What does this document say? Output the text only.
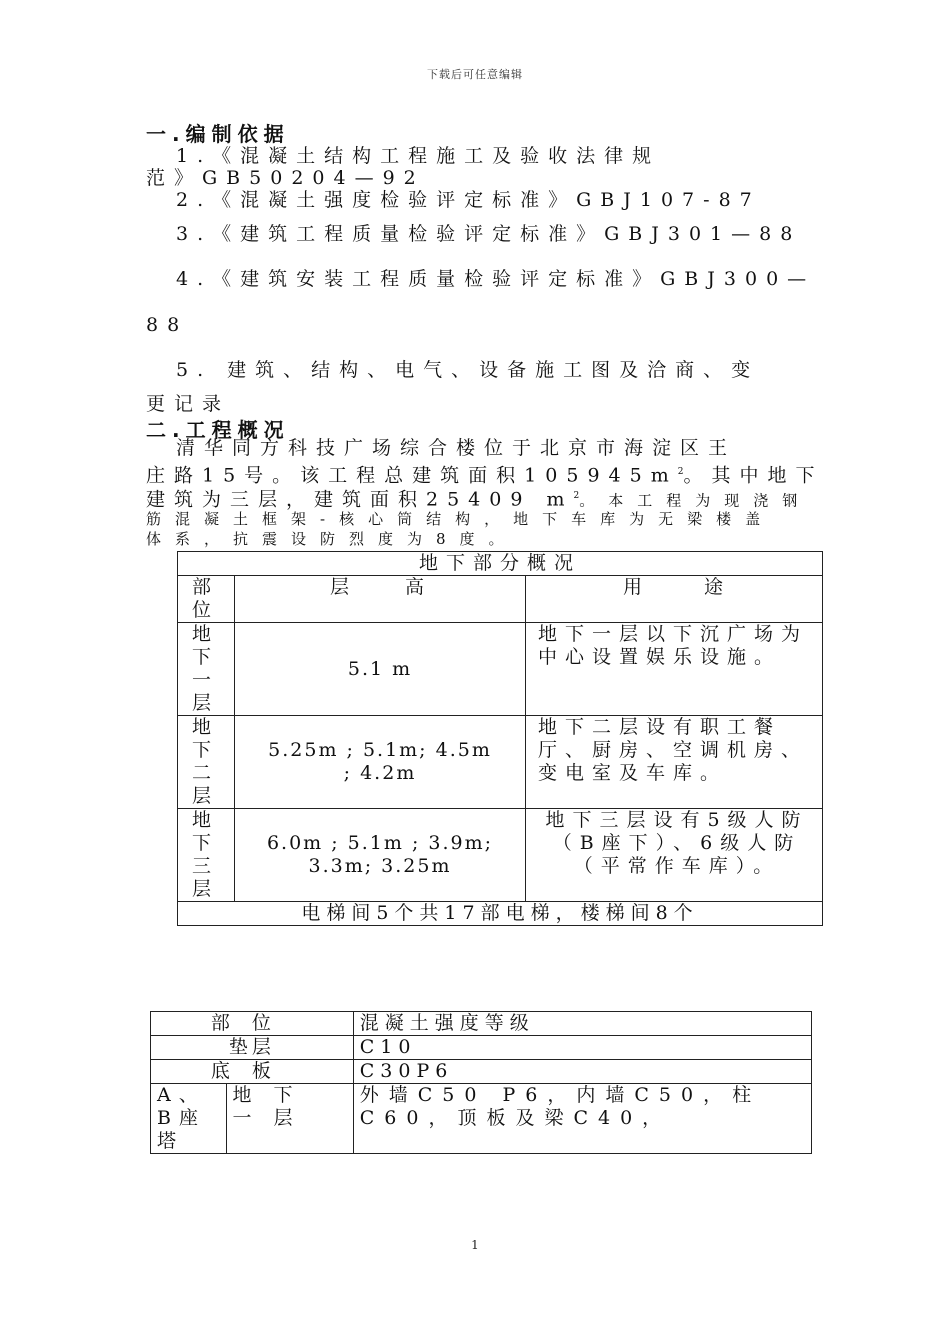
下载后可任意编辑
一.编制依据
1.《混凝土结构工程施工及验收法律规
范》GB50204—92
2.《混凝土强度检验评定标准》GBJ107-87
3.《建筑工程质量检验评定标准》GBJ301—88
4.《建筑安装工程质量检验评定标准》GBJ300—
88
5. 建筑、结构、电气、设备施工图及洽商、变
更记录
二.工程概况
清华同方科技广场综合楼位于北京市海淀区王
庄路15号。该工程总建筑面积$105945m^2$。其中地下
建筑为三层，建筑面积25409 $m^2$。本工程为现浇钢
筋混凝土框架-核心筒结构，地下车库为无梁楼盖
体系，抗震设防烈度为8度。
地下部分概况		

部位	层　　高	用　　途

地下一层	5.1 m	地下一层以下沉广场为中心设置娱乐设施。

地下二层	5.25m ; 5.1m; 4.5m ; 4.2m	地下二层设有职工餐厅、厨房、空调机房、变电室及车库。

地下三层	6.0m ; 5.1m ; 3.9m; 3.3m; 3.25m	地下三层设有5级人防（B座下）、6级人防（平常作车库）。
电梯间5个共17部电梯，楼梯间8个		
部位		混凝土强度等级
垫层		C10
底板		C30P6
A、B座塔	地下一层	外墙C50 P6，内墙C50，柱C60，顶板及梁C40，
1
